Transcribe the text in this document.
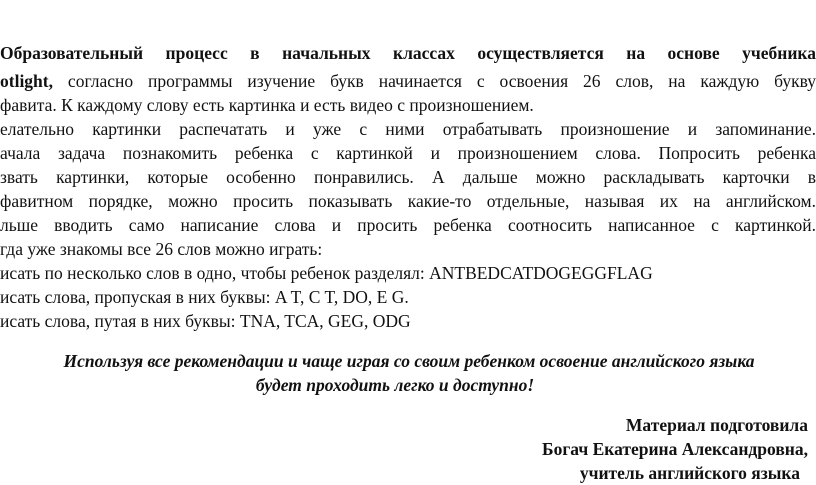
Образовательный процесс в начальных классах осуществляется на основе учебника
otlight, согласно программы изучение букв начинается с освоения 26 слов, на каждую букву
фавита. К каждому слову есть картинка и есть видео с произношением.
елательно картинки распечатать и уже с ними отрабатывать произношение и запоминание.
ачала задача познакомить ребенка с картинкой и произношением слова. Попросить ребенка
звать картинки, которые особенно понравились. А дальше можно раскладывать карточки в
фавитном порядке, можно просить показывать какие-то отдельные, называя их на английском.
льше вводить само написание слова и просить ребенка соотносить написанное с картинкой.
гда уже знакомы все 26 слов можно играть:
исать по несколько слов в одно, чтобы ребенок разделял: ANTBEDCATDOGEGGFLAG
исать слова, пропуская в них буквы: A T, C T, DO, E G.
исать слова, путая в них буквы: TNA, TCA, GEG, ODG
Используя все рекомендации и чаще играя со своим ребенком освоение английского языка
будет проходить легко и доступно!
Материал подготовила
Богач Екатерина Александровна,
учитель английского языка
